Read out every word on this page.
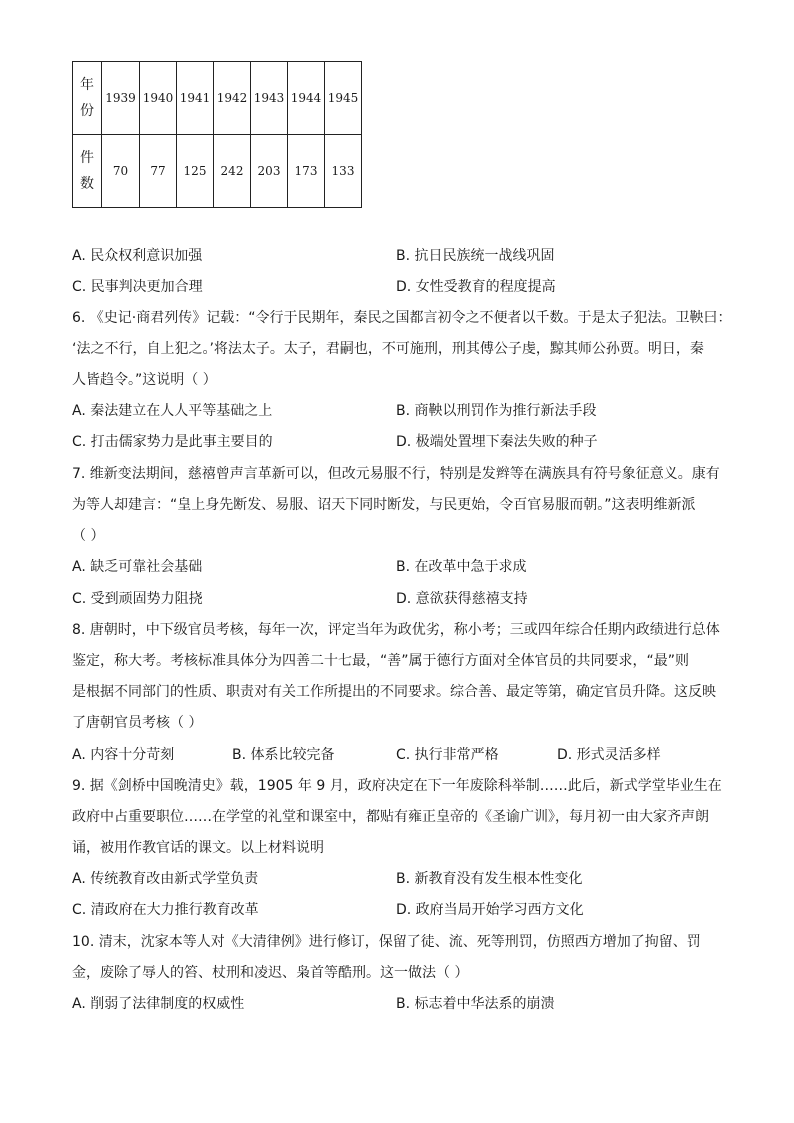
年
份	1939	1940	1941	1942	1943	1944	1945

件
数	70	77	125	242	203	173	133
A. 民众权利意识加强	B. 抗日民族统一战线巩固
C. 民事判决更加合理	D. 女性受教育的程度提高
6. 《史记·商君列传》记载：“令行于民期年，秦民之国都言初令之不便者以千数。于是太子犯法。卫鞅曰：
‘法之不行，自上犯之。’将法太子。太子，君嗣也，不可施刑，刑其傅公子虔，黥其师公孙贾。明日，秦
人皆趋令。”这说明（ ）
A. 秦法建立在人人平等基础之上	B. 商鞅以刑罚作为推行新法手段
C. 打击儒家势力是此事主要目的	D. 极端处置埋下秦法失败的种子
7. 维新变法期间，慈禧曾声言革新可以，但改元易服不行，特别是发辫等在满族具有符号象征意义。康有
为等人却建言：“皇上身先断发、易服、诏天下同时断发，与民更始，令百官易服而朝。”这表明维新派
（ ）
A. 缺乏可靠社会基础	B. 在改革中急于求成
C. 受到顽固势力阻挠	D. 意欲获得慈禧支持
8. 唐朝时，中下级官员考核，每年一次，评定当年为政优劣，称小考；三或四年综合任期内政绩进行总体
鉴定，称大考。考核标准具体分为四善二十七最，“善”属于德行方面对全体官员的共同要求，“最”则
是根据不同部门的性质、职责对有关工作所提出的不同要求。综合善、最定等第，确定官员升降。这反映
了唐朝官员考核（ ）
A. 内容十分苛刻	B. 体系比较完备	C. 执行非常严格	D. 形式灵活多样
9. 据《剑桥中国晚清史》载，1905 年 9 月，政府决定在下一年废除科举制……此后，新式学堂毕业生在
政府中占重要职位……在学堂的礼堂和课室中，都贴有雍正皇帝的《圣谕广训》，每月初一由大家齐声朗
诵，被用作教官话的课文。以上材料说明
A. 传统教育改由新式学堂负责	B. 新教育没有发生根本性变化
C. 清政府在大力推行教育改革	D. 政府当局开始学习西方文化
10. 清末，沈家本等人对《大清律例》进行修订，保留了徒、流、死等刑罚，仿照西方增加了拘留、罚
金，废除了辱人的笞、杖刑和凌迟、枭首等酷刑。这一做法（ ）
A. 削弱了法律制度的权威性	B. 标志着中华法系的崩溃
